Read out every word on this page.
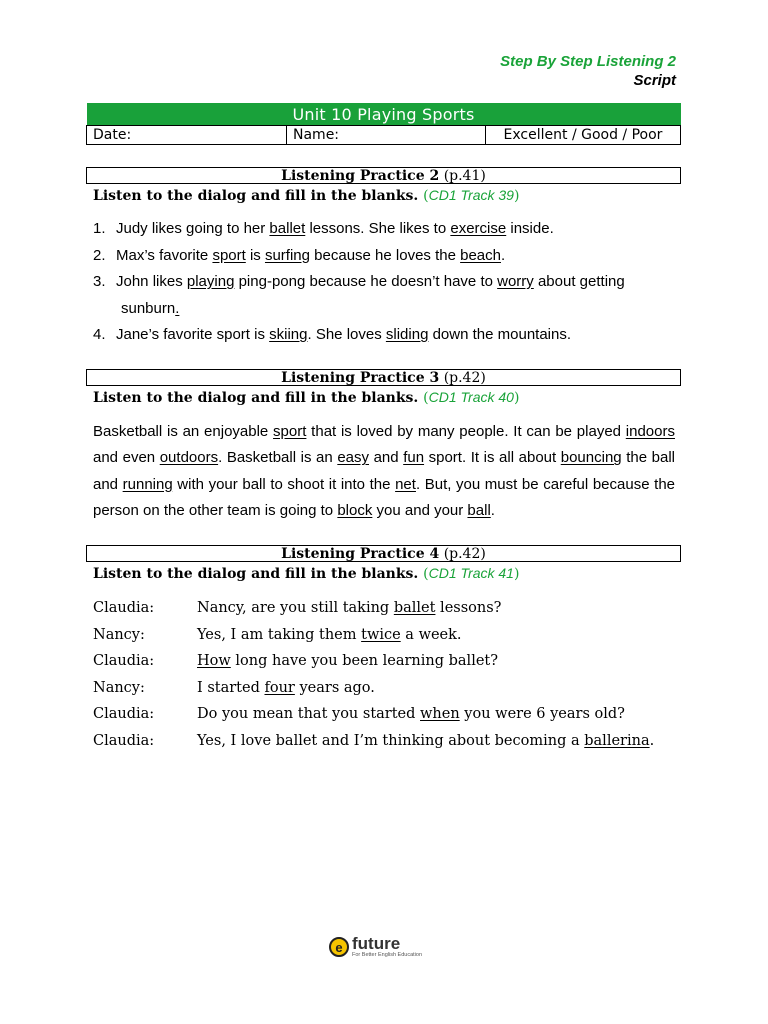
Step By Step Listening 2
Script
Unit 10 Playing Sports
Date:	Name:	Excellent / Good / Poor
Listening Practice 2 (p.41)
Listen to the dialog and fill in the blanks. (CD1 Track 39)
1. Judy likes going to her ballet lessons. She likes to exercise inside.
2. Max’s favorite sport is surfing because he loves the beach.
3. John likes playing ping-pong because he doesn’t have to worry about getting
sunburn.
4. Jane’s favorite sport is skiing. She loves sliding down the mountains.
Listening Practice 3 (p.42)
Listen to the dialog and fill in the blanks. (CD1 Track 40)
Basketball is an enjoyable sport that is loved by many people. It can be played indoors and even outdoors. Basketball is an easy and fun sport. It is all about bouncing the ball and running with your ball to shoot it into the net. But, you must be careful because the person on the other team is going to block you and your ball.
Listening Practice 4 (p.42)
Listen to the dialog and fill in the blanks. (CD1 Track 41)
Claudia:	Nancy, are you still taking ballet lessons?
Nancy:	Yes, I am taking them twice a week.
Claudia:	How long have you been learning ballet?
Nancy:	I started four years ago.
Claudia:	Do you mean that you started when you were 6 years old?
Claudia:	Yes, I love ballet and I’m thinking about becoming a ballerina.
e future
For Better English Education
